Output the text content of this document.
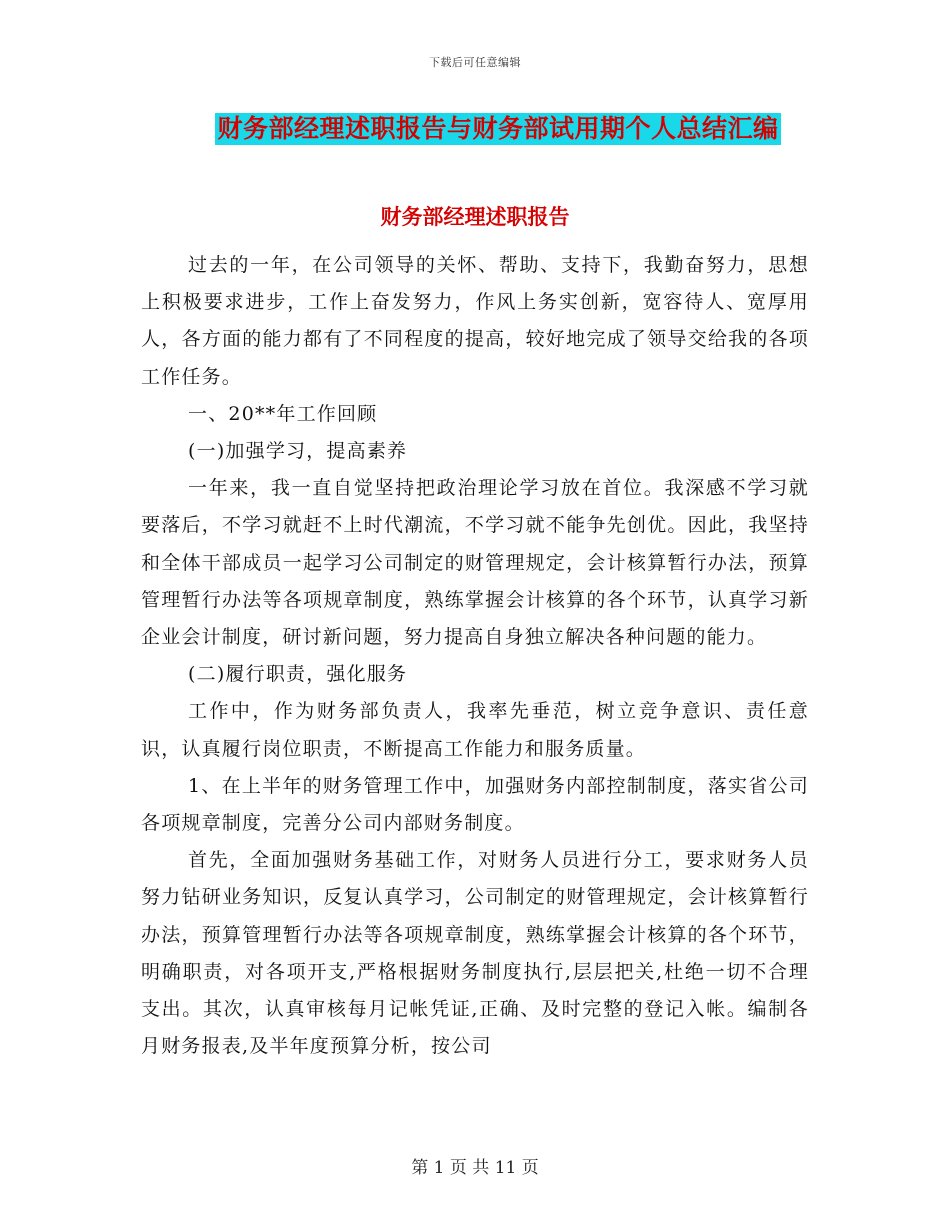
下载后可任意编辑
财务部经理述职报告与财务部试用期个人总结汇编
财务部经理述职报告

过去的一年，在公司领导的关怀、帮助、支持下，我勤奋努力，思想上积极要求进步，工作上奋发努力，作风上务实创新，宽容待人、宽厚用人，各方面的能力都有了不同程度的提高，较好地完成了领导交给我的各项工作任务。

一、20**年工作回顾

(一)加强学习，提高素养

一年来，我一直自觉坚持把政治理论学习放在首位。我深感不学习就要落后，不学习就赶不上时代潮流，不学习就不能争先创优。因此，我坚持和全体干部成员一起学习公司制定的财管理规定，会计核算暂行办法，预算管理暂行办法等各项规章制度，熟练掌握会计核算的各个环节，认真学习新企业会计制度，研讨新问题，努力提高自身独立解决各种问题的能力。

(二)履行职责，强化服务

工作中，作为财务部负责人，我率先垂范，树立竞争意识、责任意识，认真履行岗位职责，不断提高工作能力和服务质量。

1、在上半年的财务管理工作中，加强财务内部控制制度，落实省公司各项规章制度，完善分公司内部财务制度。

首先，全面加强财务基础工作，对财务人员进行分工，要求财务人员努力钻研业务知识，反复认真学习，公司制定的财管理规定，会计核算暂行办法，预算管理暂行办法等各项规章制度，熟练掌握会计核算的各个环节，明确职责，对各项开支,严格根据财务制度执行,层层把关,杜绝一切不合理支出。其次，认真审核每月记帐凭证,正确、及时完整的登记入帐。编制各月财务报表,及半年度预算分析，按公司

第 1 页 共 11 页
